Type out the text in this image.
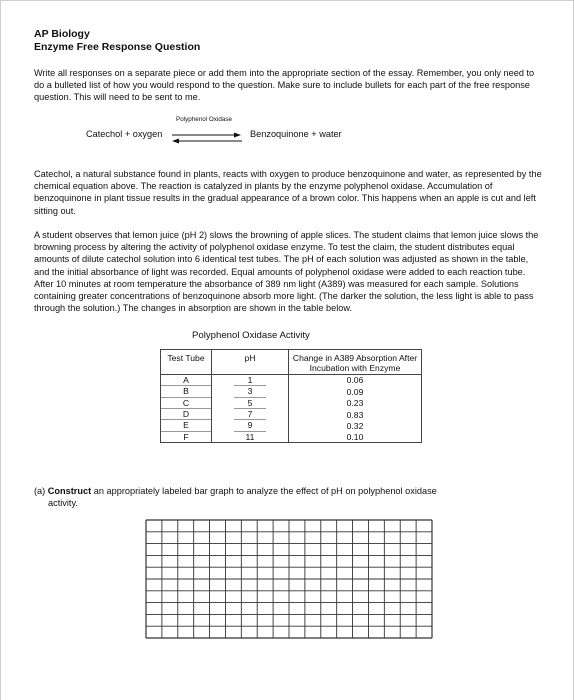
AP Biology
Enzyme Free Response Question
Write all responses on a separate piece or add them into the appropriate section of the essay. Remember, you only need to do a bulleted list of how you would respond to the question. Make sure to include bullets for each part of the free response question. This will need to be sent to me.
Polyphenol Oxidase
Catechol + oxygen	Benzoquinone + water
Catechol, a natural substance found in plants, reacts with oxygen to produce benzoquinone and water, as represented by the chemical equation above. The reaction is catalyzed in plants by the enzyme polyphenol oxidase. Accumulation of benzoquinone in plant tissue results in the gradual appearance of a brown color. This happens when an apple is cut and left sitting out.
A student observes that lemon juice (pH 2) slows the browning of apple slices. The student claims that lemon juice slows the browning process by altering the activity of polyphenol oxidase enzyme. To test the claim, the student distributes equal amounts of dilute catechol solution into 6 identical test tubes. The pH of each solution was adjusted as shown in the table, and the initial absorbance of light was recorded. Equal amounts of polyphenol oxidase were added to each reaction tube. After 10 minutes at room temperature the absorbance of 389 nm light (A389) was measured for each sample. Solutions containing greater concentrations of benzoquinone absorb more light. (The darker the solution, the less light is able to pass through the solution.) The changes in absorption are shown in the table below.
Polyphenol Oxidase Activity
Test Tube	pH	Change in A389 Absorption After Incubation with Enzyme

A	1	0.06

B	3	0.09

C	5	0.23

D	7	0.83

E	9	0.32

F	11	0.10
(a) Construct an appropriately labeled bar graph to analyze the effect of pH on polyphenol oxidase
activity.
